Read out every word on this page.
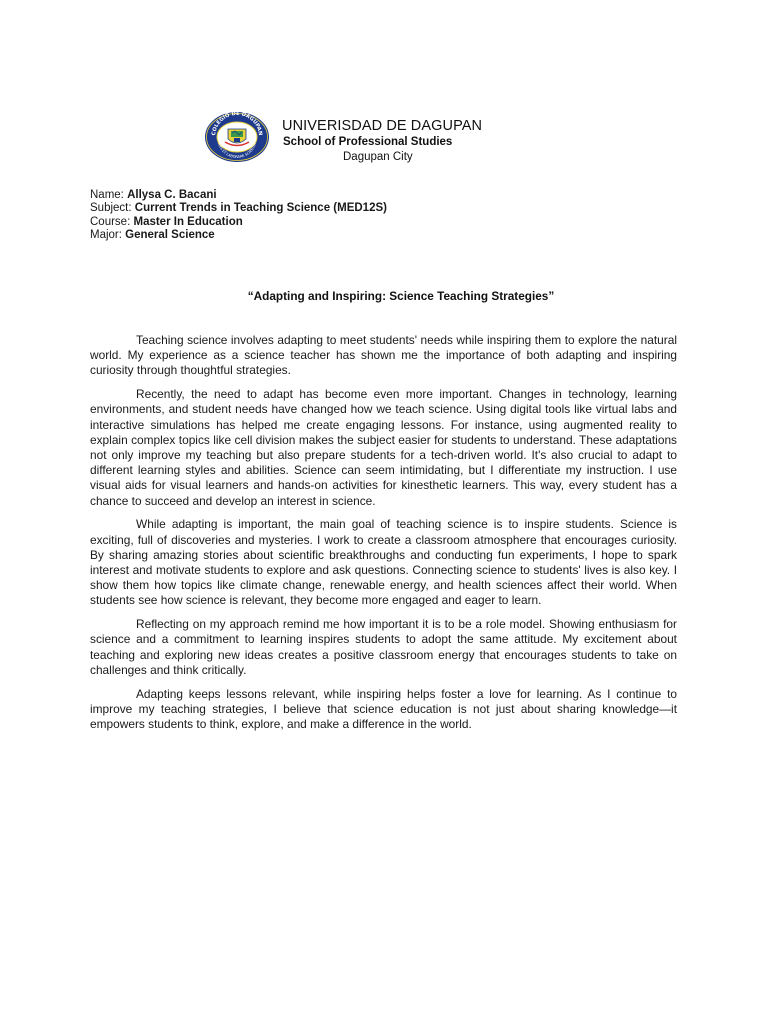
COLEGIO DE DAGUPAN
ARS ET LABORARE SCIENTIA
UNIVERISDAD DE DAGUPAN
School of Professional Studies
Dagupan City
Name: Allysa C. Bacani
Subject: Current Trends in Teaching Science (MED12S)
Course: Master In Education
Major: General Science
“Adapting and Inspiring: Science Teaching Strategies”

Teaching science involves adapting to meet students' needs while inspiring them to explore the natural world. My experience as a science teacher has shown me the importance of both adapting and inspiring curiosity through thoughtful strategies.

Recently, the need to adapt has become even more important. Changes in technology, learning environments, and student needs have changed how we teach science. Using digital tools like virtual labs and interactive simulations has helped me create engaging lessons. For instance, using augmented reality to explain complex topics like cell division makes the subject easier for students to understand. These adaptations not only improve my teaching but also prepare students for a tech-driven world. It's also crucial to adapt to different learning styles and abilities. Science can seem intimidating, but I differentiate my instruction. I use visual aids for visual learners and hands-on activities for kinesthetic learners. This way, every student has a chance to succeed and develop an interest in science.

While adapting is important, the main goal of teaching science is to inspire students. Science is exciting, full of discoveries and mysteries. I work to create a classroom atmosphere that encourages curiosity. By sharing amazing stories about scientific breakthroughs and conducting fun experiments, I hope to spark interest and motivate students to explore and ask questions. Connecting science to students' lives is also key. I show them how topics like climate change, renewable energy, and health sciences affect their world. When students see how science is relevant, they become more engaged and eager to learn.

Reflecting on my approach remind me how important it is to be a role model. Showing enthusiasm for science and a commitment to learning inspires students to adopt the same attitude. My excitement about teaching and exploring new ideas creates a positive classroom energy that encourages students to take on challenges and think critically.

Adapting keeps lessons relevant, while inspiring helps foster a love for learning. As I continue to improve my teaching strategies, I believe that science education is not just about sharing knowledge—it empowers students to think, explore, and make a difference in the world.
